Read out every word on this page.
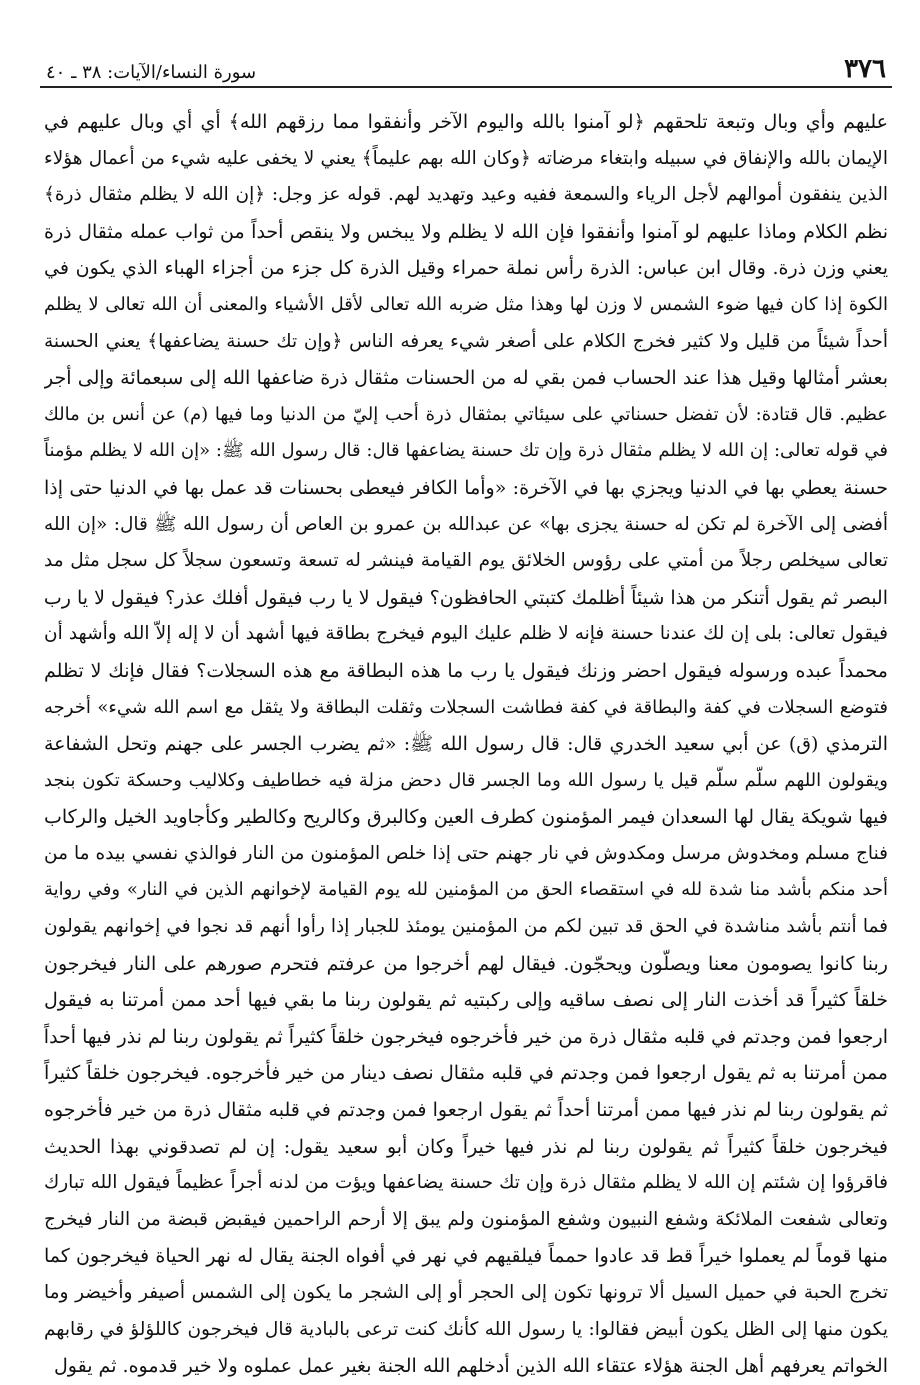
٣٧٦
سورة النساء/الآيات: ٣٨ ـ ٤٠
عليهم وأي وبال وتبعة تلحقهم ﴿لو آمنوا بالله واليوم الآخر وأنفقوا مما رزقهم الله﴾ أي أي وبال عليهم في
الإيمان بالله والإنفاق في سبيله وابتغاء مرضاته ﴿وكان الله بهم عليماً﴾ يعني لا يخفى عليه شيء من أعمال هؤلاء
الذين ينفقون أموالهم لأجل الرياء والسمعة ففيه وعيد وتهديد لهم. قوله عز وجل: ﴿إن الله لا يظلم مثقال ذرة﴾
نظم الكلام وماذا عليهم لو آمنوا وأنفقوا فإن الله لا يظلم ولا يبخس ولا ينقص أحداً من ثواب عمله مثقال ذرة
يعني وزن ذرة. وقال ابن عباس: الذرة رأس نملة حمراء وقيل الذرة كل جزء من أجزاء الهباء الذي يكون في
الكوة إذا كان فيها ضوء الشمس لا وزن لها وهذا مثل ضربه الله تعالى لأقل الأشياء والمعنى أن الله تعالى لا يظلم
أحداً شيئاً من قليل ولا كثير فخرج الكلام على أصغر شيء يعرفه الناس ﴿وإن تك حسنة يضاعفها﴾ يعني الحسنة
بعشر أمثالها وقيل هذا عند الحساب فمن بقي له من الحسنات مثقال ذرة ضاعفها الله إلى سبعمائة وإلى أجر
عظيم. قال قتادة: لأن تفضل حسناتي على سيئاتي بمثقال ذرة أحب إليّ من الدنيا وما فيها (م) عن أنس بن مالك
في قوله تعالى: إن الله لا يظلم مثقال ذرة وإن تك حسنة يضاعفها قال: قال رسول الله ﷺ: «إن الله لا يظلم مؤمناً
حسنة يعطي بها في الدنيا ويجزي بها في الآخرة: «وأما الكافر فيعطى بحسنات قد عمل بها في الدنيا حتى إذا
أفضى إلى الآخرة لم تكن له حسنة يجزى بها» عن عبدالله بن عمرو بن العاص أن رسول الله ﷺ قال: «إن الله
تعالى سيخلص رجلاً من أمتي على رؤوس الخلائق يوم القيامة فينشر له تسعة وتسعون سجلاً كل سجل مثل مد
البصر ثم يقول أتنكر من هذا شيئاً أظلمك كتبتي الحافظون؟ فيقول لا يا رب فيقول أفلك عذر؟ فيقول لا يا رب
فيقول تعالى: بلى إن لك عندنا حسنة فإنه لا ظلم عليك اليوم فيخرج بطاقة فيها أشهد أن لا إله إلاّ الله وأشهد أن
محمداً عبده ورسوله فيقول احضر وزنك فيقول يا رب ما هذه البطاقة مع هذه السجلات؟ فقال فإنك لا تظلم
فتوضع السجلات في كفة والبطاقة في كفة فطاشت السجلات وثقلت البطاقة ولا يثقل مع اسم الله شيء» أخرجه
الترمذي (ق) عن أبي سعيد الخدري قال: قال رسول الله ﷺ: «ثم يضرب الجسر على جهنم وتحل الشفاعة
ويقولون اللهم سلّم سلّم قيل يا رسول الله وما الجسر قال دحض مزلة فيه خطاطيف وكلاليب وحسكة تكون بنجد
فيها شويكة يقال لها السعدان فيمر المؤمنون كطرف العين وكالبرق وكالريح وكالطير وكأجاويد الخيل والركاب
فناج مسلم ومخدوش مرسل ومكدوش في نار جهنم حتى إذا خلص المؤمنون من النار فوالذي نفسي بيده ما من
أحد منكم بأشد منا شدة لله في استقصاء الحق من المؤمنين لله يوم القيامة لإخوانهم الذين في النار» وفي رواية
فما أنتم بأشد مناشدة في الحق قد تبين لكم من المؤمنين يومئذ للجبار إذا رأوا أنهم قد نجوا في إخوانهم يقولون
ربنا كانوا يصومون معنا ويصلّون ويحجّون. فيقال لهم أخرجوا من عرفتم فتحرم صورهم على النار فيخرجون
خلقاً كثيراً قد أخذت النار إلى نصف ساقيه وإلى ركبتيه ثم يقولون ربنا ما بقي فيها أحد ممن أمرتنا به فيقول
ارجعوا فمن وجدتم في قلبه مثقال ذرة من خير فأخرجوه فيخرجون خلقاً كثيراً ثم يقولون ربنا لم نذر فيها أحداً
ممن أمرتنا به ثم يقول ارجعوا فمن وجدتم في قلبه مثقال نصف دينار من خير فأخرجوه. فيخرجون خلقاً كثيراً
ثم يقولون ربنا لم نذر فيها ممن أمرتنا أحداً ثم يقول ارجعوا فمن وجدتم في قلبه مثقال ذرة من خير فأخرجوه
فيخرجون خلقاً كثيراً ثم يقولون ربنا لم نذر فيها خيراً وكان أبو سعيد يقول: إن لم تصدقوني بهذا الحديث
فاقرؤوا إن شئتم إن الله لا يظلم مثقال ذرة وإن تك حسنة يضاعفها ويؤت من لدنه أجراً عظيماً فيقول الله تبارك
وتعالى شفعت الملائكة وشفع النبيون وشفع المؤمنون ولم يبق إلا أرحم الراحمين فيقبض قبضة من النار فيخرج
منها قوماً لم يعملوا خيراً قط قد عادوا حمماً فيلقيهم في نهر في أفواه الجنة يقال له نهر الحياة فيخرجون كما
تخرج الحبة في حميل السيل ألا ترونها تكون إلى الحجر أو إلى الشجر ما يكون إلى الشمس أصيفر وأخيضر وما
يكون منها إلى الظل يكون أبيض فقالوا: يا رسول الله كأنك كنت ترعى بالبادية قال فيخرجون كاللؤلؤ في رقابهم
الخواتم يعرفهم أهل الجنة هؤلاء عتقاء الله الذين أدخلهم الله الجنة بغير عمل عملوه ولا خير قدموه. ثم يقول
